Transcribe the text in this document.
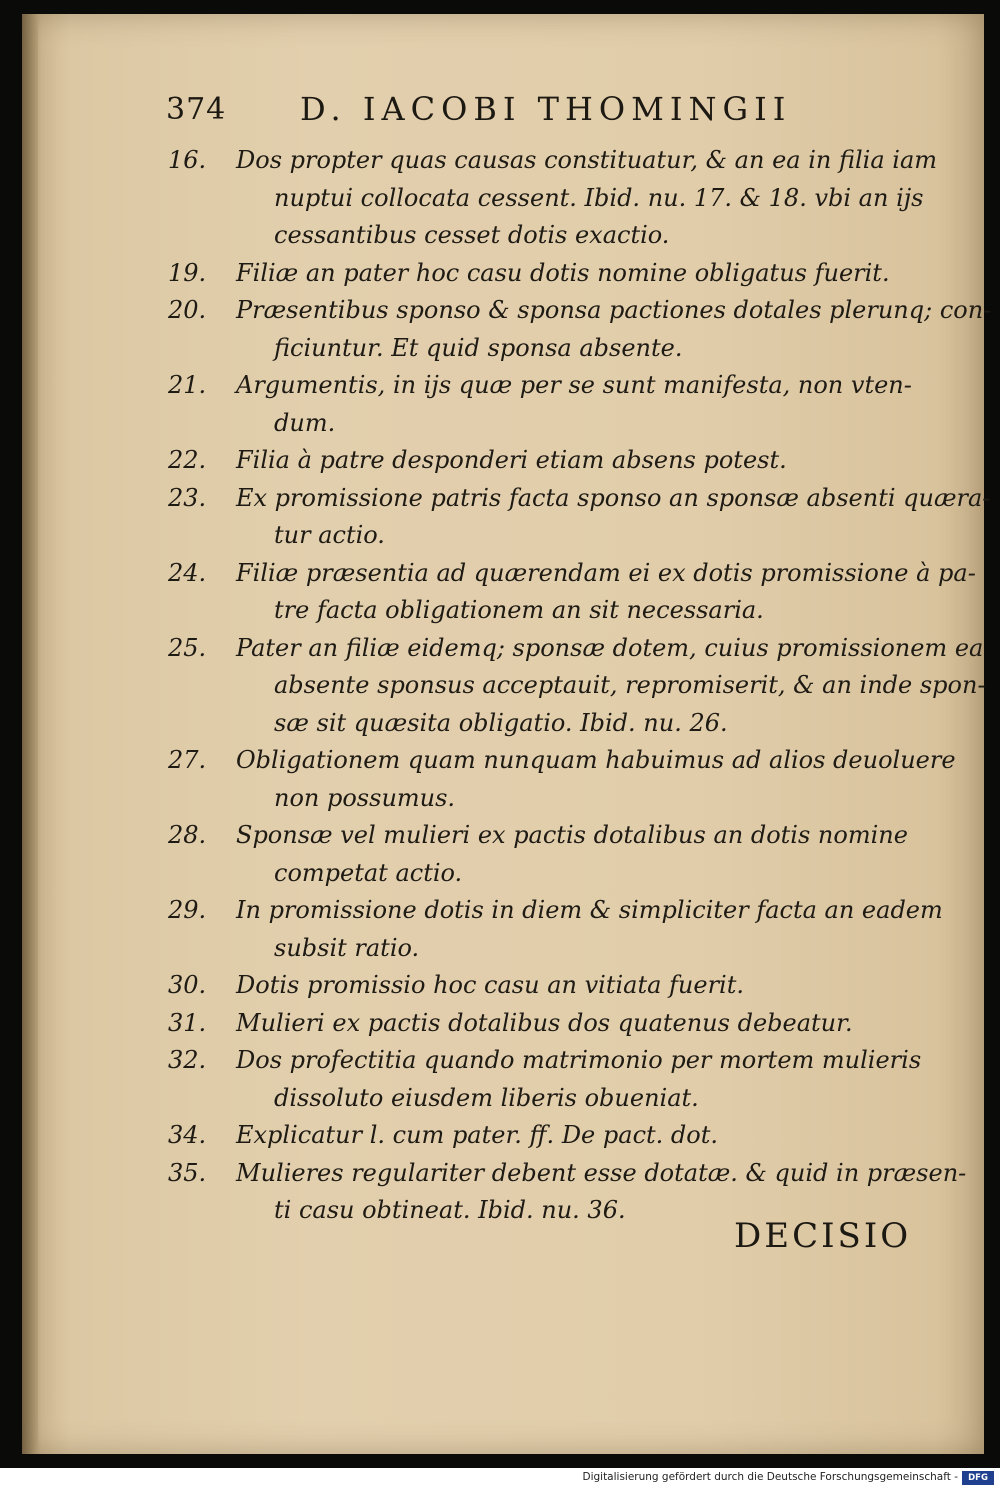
374 D. IACOBI THOMINGII
16.	Dos propter quas causas constituatur, & an ea in filia iam
nuptui collocata cessent. Ibid. nu. 17. & 18. vbi an ijs
cessantibus cesset dotis exactio.
19.	Filiæ an pater hoc casu dotis nomine obligatus fuerit.
20.	Præsentibus sponso & sponsa pactiones dotales plerunq; con-
ficiuntur. Et quid sponsa absente.
21.	Argumentis, in ijs quæ per se sunt manifesta, non vten-
dum.
22.	Filia à patre desponderi etiam absens potest.
23.	Ex promissione patris facta sponso an sponsæ absenti quæra-
tur actio.
24.	Filiæ præsentia ad quærendam ei ex dotis promissione à pa-
tre facta obligationem an sit necessaria.
25.	Pater an filiæ eidemq; sponsæ dotem, cuius promissionem ea
absente sponsus acceptauit, repromiserit, & an inde spon-
sæ sit quæsita obligatio. Ibid. nu. 26.
27.	Obligationem quam nunquam habuimus ad alios deuoluere
non possumus.
28.	Sponsæ vel mulieri ex pactis dotalibus an dotis nomine
competat actio.
29.	In promissione dotis in diem & simpliciter facta an eadem
subsit ratio.
30.	Dotis promissio hoc casu an vitiata fuerit.
31.	Mulieri ex pactis dotalibus dos quatenus debeatur.
32.	Dos profectitia quando matrimonio per mortem mulieris
dissoluto eiusdem liberis obueniat.
34.	Explicatur l. cum pater. ff. De pact. dot.
35.	Mulieres regulariter debent esse dotatæ. & quid in præsen-
ti casu obtineat. Ibid. nu. 36.
DECISIO
Digitalisierung gefördert durch die Deutsche Forschungsgemeinschaft -	DFG
